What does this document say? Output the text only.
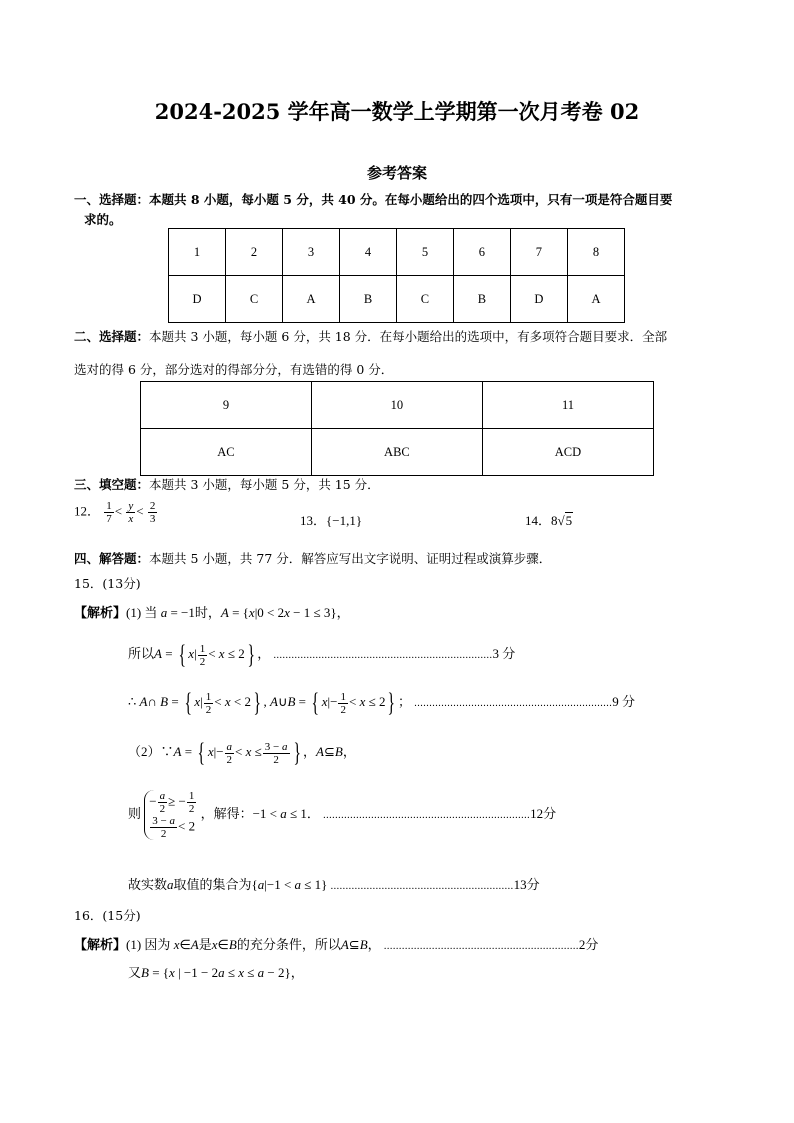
2024-2025 学年高一数学上学期第一次月考卷 02
参考答案
一、选择题：本题共 8 小题，每小题 5 分，共 40 分。在每小题给出的四个选项中，只有一项是符合题目要
求的。
1	2	3	4	5	6	7	8
D	C	A	B	C	B	D	A
二、选择题：本题共 3 小题，每小题 6 分，共 18 分．在每小题给出的选项中，有多项符合题目要求．全部
选对的得 6 分，部分选对的得部分分，有选错的得 0 分．
9	10	11
AC	ABC	ACD
三、填空题：本题共 3 小题，每小题 5 分，共 15 分．
12． $\frac{1}{7} < \frac{y}{x} < \frac{2}{3}$	13．{−1,1}	14．8√5
四、解答题：本题共 5 小题，共 77 分．解答应写出文字说明、证明过程或演算步骤．
15．(13分)
【解析】(1) 当 a = −1时，A = {x|0 < 2x − 1 ≤ 3}，
所以A = { $x| \frac{1}{2} < x \le 2$} ， .........................................................................3 分
∴ A∩ B = { $x| \frac{1}{2} < x < 2$} , A∪B = { $x|- \frac{1}{2} < x \le 2$} ； ..................................................................9 分
（2）∵A = { $x|- \frac{a}{2} < x \le \frac{3 - a}{2}$ } ，A⊆B，
则
− $\frac{a}{2}$ ≥ − $\frac{1}{2}$
$\frac{3 - a}{2} < 2$
，解得：−1 < a ≤ 1． .....................................................................12分
故实数a取值的集合为{a|−1 < a ≤ 1} .............................................................13分
16．(15分)
【解析】(1) 因为 x∈A是x∈B的充分条件，所以A⊆B， .................................................................2分
又B = {x | −1 − 2a ≤ x ≤ a − 2}，
